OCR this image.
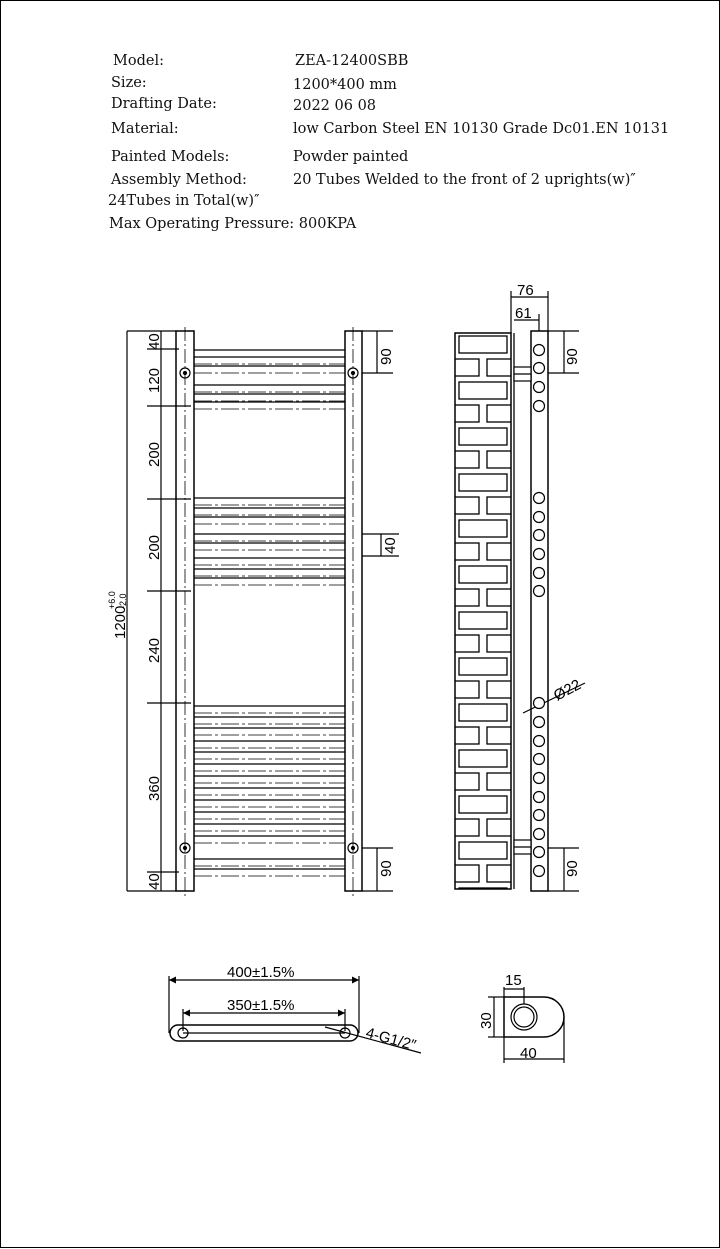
Model:	ZEA-12400SBB
Size:	1200*400 mm
Drafting Date:	2022 06 08
Material:	low Carbon Steel EN 10130 Grade Dc01.EN 10131
Painted Models:	Powder painted
Assembly Method:	20 Tubes Welded to the front of 2 uprights(w)″
24Tubes in Total(w)″
Max Operating Pressure: 800KPA
1200
+6.0 -2.0
40
120
200
200
240
360
40
90
40
90
76
61
90
90
Ø22
400±1.5%
350±1.5%
4-G1/2″
15
30
40
